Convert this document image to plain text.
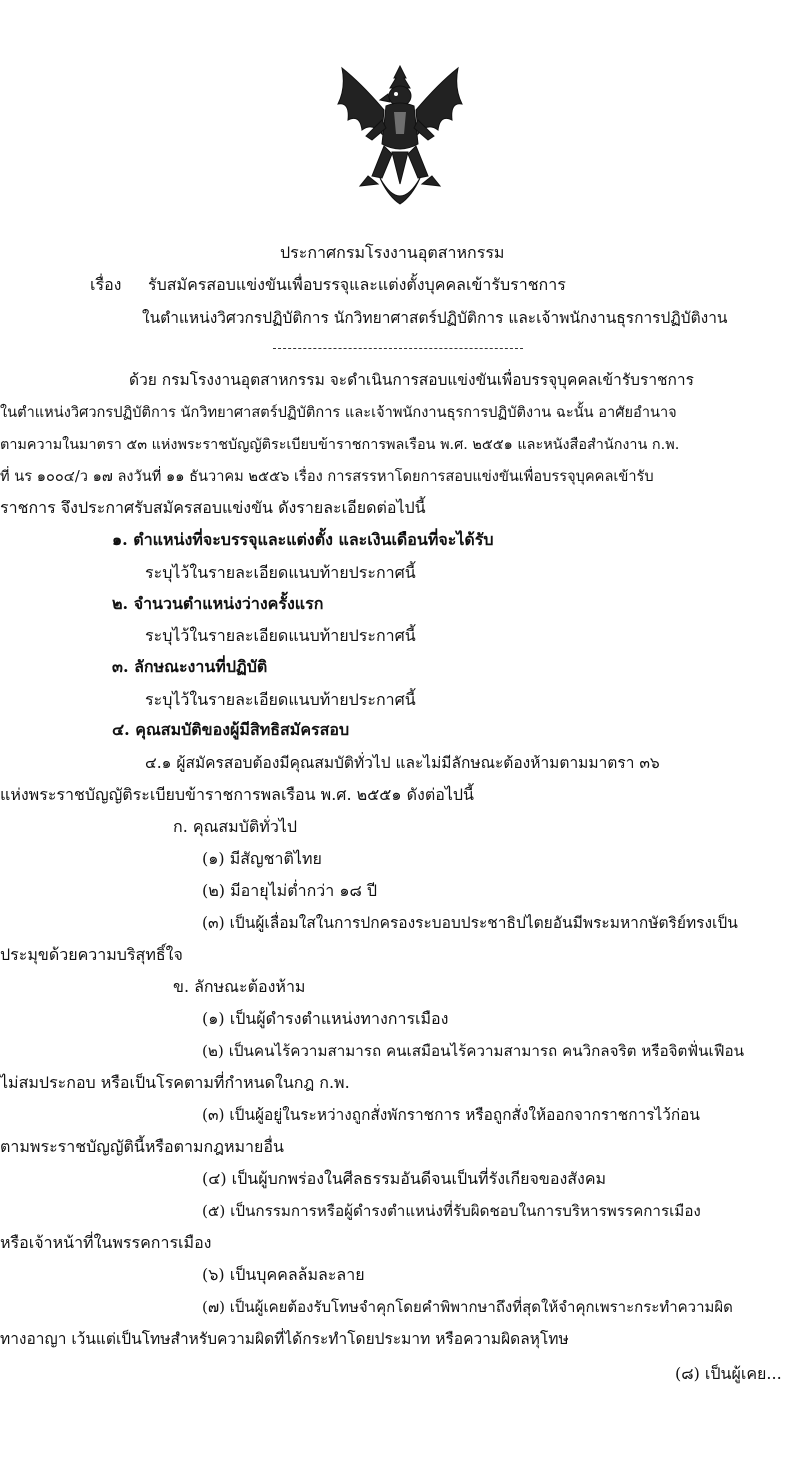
ประกาศกรมโรงงานอุตสาหกรรม
เรื่อง รับสมัครสอบแข่งขันเพื่อบรรจุและแต่งตั้งบุคคลเข้ารับราชการ
ในตำแหน่งวิศวกรปฏิบัติการ นักวิทยาศาสตร์ปฏิบัติการ และเจ้าพนักงานธุรการปฏิบัติงาน
ด้วย กรมโรงงานอุตสาหกรรม จะดำเนินการสอบแข่งขันเพื่อบรรจุบุคคลเข้ารับราชการ
ในตำแหน่งวิศวกรปฏิบัติการ นักวิทยาศาสตร์ปฏิบัติการ และเจ้าพนักงานธุรการปฏิบัติงาน ฉะนั้น อาศัยอำนาจ
ตามความในมาตรา ๕๓ แห่งพระราชบัญญัติระเบียบข้าราชการพลเรือน พ.ศ. ๒๕๕๑ และหนังสือสำนักงาน ก.พ.
ที่ นร ๑๐๐๔/ว ๑๗ ลงวันที่ ๑๑ ธันวาคม ๒๕๕๖ เรื่อง การสรรหาโดยการสอบแข่งขันเพื่อบรรจุบุคคลเข้ารับ
ราชการ จึงประกาศรับสมัครสอบแข่งขัน ดังรายละเอียดต่อไปนี้
๑. ตำแหน่งที่จะบรรจุและแต่งตั้ง และเงินเดือนที่จะได้รับ
ระบุไว้ในรายละเอียดแนบท้ายประกาศนี้
๒. จำนวนตำแหน่งว่างครั้งแรก
ระบุไว้ในรายละเอียดแนบท้ายประกาศนี้
๓. ลักษณะงานที่ปฏิบัติ
ระบุไว้ในรายละเอียดแนบท้ายประกาศนี้
๔. คุณสมบัติของผู้มีสิทธิสมัครสอบ
๔.๑ ผู้สมัครสอบต้องมีคุณสมบัติทั่วไป และไม่มีลักษณะต้องห้ามตามมาตรา ๓๖
แห่งพระราชบัญญัติระเบียบข้าราชการพลเรือน พ.ศ. ๒๕๕๑ ดังต่อไปนี้
ก. คุณสมบัติทั่วไป
(๑) มีสัญชาติไทย
(๒) มีอายุไม่ต่ำกว่า ๑๘ ปี
(๓) เป็นผู้เลื่อมใสในการปกครองระบอบประชาธิปไตยอันมีพระมหากษัตริย์ทรงเป็น
ประมุขด้วยความบริสุทธิ์ใจ
ข. ลักษณะต้องห้าม
(๑) เป็นผู้ดำรงตำแหน่งทางการเมือง
(๒) เป็นคนไร้ความสามารถ คนเสมือนไร้ความสามารถ คนวิกลจริต หรือจิตฟั่นเฟือน
ไม่สมประกอบ หรือเป็นโรคตามที่กำหนดในกฎ ก.พ.
(๓) เป็นผู้อยู่ในระหว่างถูกสั่งพักราชการ หรือถูกสั่งให้ออกจากราชการไว้ก่อน
ตามพระราชบัญญัตินี้หรือตามกฎหมายอื่น
(๔) เป็นผู้บกพร่องในศีลธรรมอันดีจนเป็นที่รังเกียจของสังคม
(๕) เป็นกรรมการหรือผู้ดำรงตำแหน่งที่รับผิดชอบในการบริหารพรรคการเมือง
หรือเจ้าหน้าที่ในพรรคการเมือง
(๖) เป็นบุคคลล้มละลาย
(๗) เป็นผู้เคยต้องรับโทษจำคุกโดยคำพิพากษาถึงที่สุดให้จำคุกเพราะกระทำความผิด
ทางอาญา เว้นแต่เป็นโทษสำหรับความผิดที่ได้กระทำโดยประมาท หรือความผิดลหุโทษ
(๘) เป็นผู้เคย...
